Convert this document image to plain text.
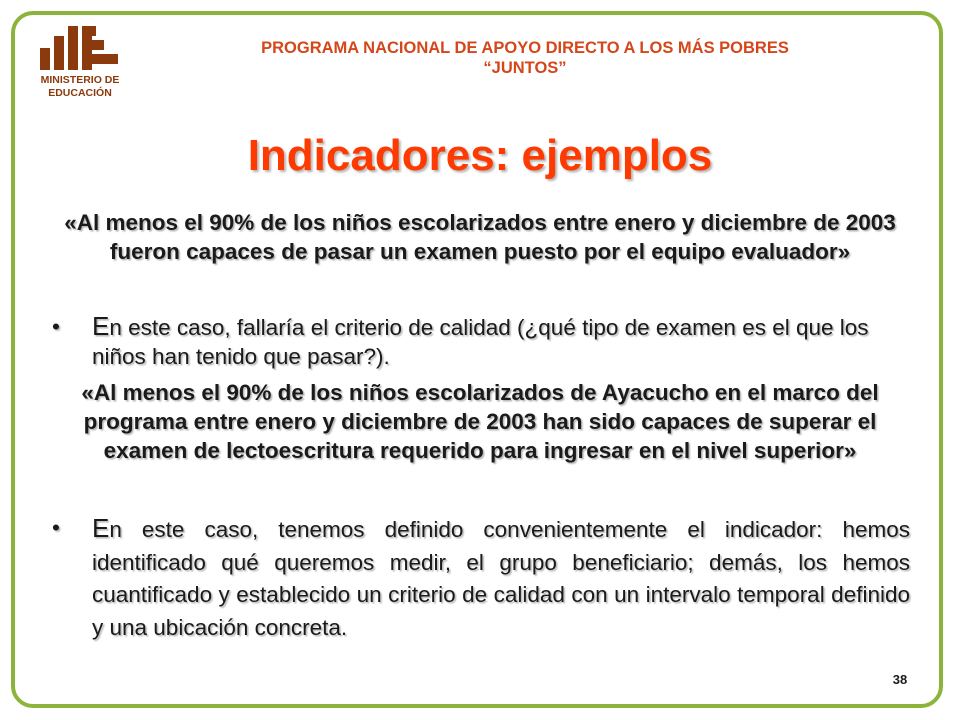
MINISTERIO DE
EDUCACIÓN
PROGRAMA NACIONAL DE APOYO DIRECTO A LOS MÁS POBRES
“JUNTOS”
Indicadores: ejemplos
«Al menos el 90% de los niños escolarizados entre enero y diciembre de 2003 fueron capaces de pasar un examen puesto por el equipo evaluador»
• En este caso, fallaría el criterio de calidad (¿qué tipo de examen es el que los niños han tenido que pasar?).
«Al menos el 90% de los niños escolarizados de Ayacucho en el marco del programa entre enero y diciembre de 2003 han sido capaces de superar el examen de lectoescritura requerido para ingresar en el nivel superior»
• En este caso, tenemos definido convenientemente el indicador: hemos identificado qué queremos medir, el grupo beneficiario; demás, los hemos cuantificado y establecido un criterio de calidad con un intervalo temporal definido y una ubicación concreta.
38
